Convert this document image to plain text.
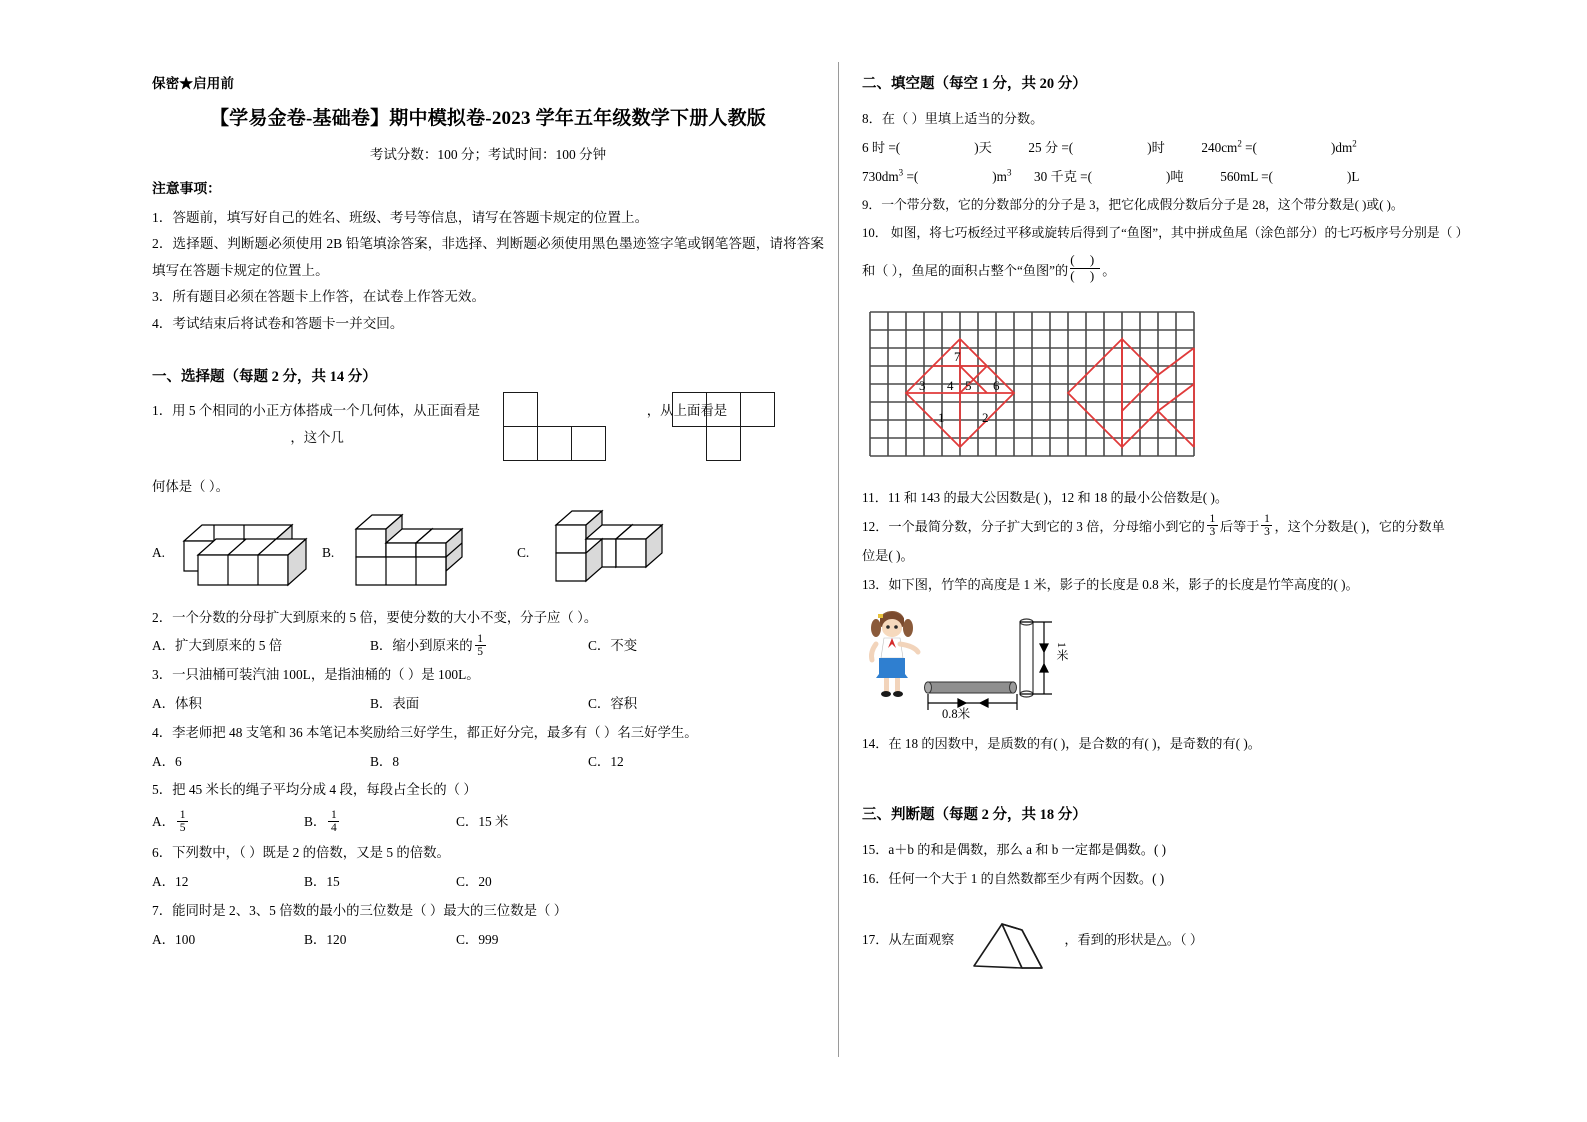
保密★启用前
【学易金卷-基础卷】期中模拟卷-2023 学年五年级数学下册人教版
考试分数：100 分；考试时间：100 分钟
注意事项：
1．答题前，填写好自己的姓名、班级、考号等信息，请写在答题卡规定的位置上。
2．选择题、判断题必须使用 2B 铅笔填涂答案，非选择、判断题必须使用黑色墨迹签字笔或钢笔答题，请将答案填写在答题卡规定的位置上。
3．所有题目必须在答题卡上作答，在试卷上作答无效。
4．考试结束后将试卷和答题卡一并交回。
一、选择题（每题 2 分，共 14 分）
1．用 5 个相同的小正方体搭成一个几何体，从正面看是	，从上面看是  ，这个几
何体是（ ）。
A.	B.	C.
2．一个分数的分母扩大到原来的 5 倍，要使分数的大小不变，分子应（ ）。
A．扩大到原来的 5 倍	B．缩小到原来的 $\frac{1}{5}$	C．不变
3．一只油桶可装汽油 100L，是指油桶的（ ）是 100L。
A．体积	B．表面	C．容积
4．李老师把 48 支笔和 36 本笔记本奖励给三好学生，都正好分完，最多有（ ）名三好学生。
A．6	B．8	C．12
5．把 45 米长的绳子平均分成 4 段，每段占全长的（ ）
A． $\frac{1}{5}$	B． $\frac{1}{4}$	C．15 米
6．下列数中，（ ）既是 2 的倍数，又是 5 的倍数。
A．12	B．15	C．20
7．能同时是 2、3、5 倍数的最小的三位数是（ ）最大的三位数是（ ）
A．100	B．120	C．999
二、填空题（每空 1 分，共 20 分）
8．在（ ）里填上适当的分数。
6 时 =(	)天	25 分 =(	)时	$240cm^2$ =(	)$dm^2$
$730dm^3$ =(	)$m^3$ 30 千克 =(	)吨	560mL =(	)L
9．一个带分数，它的分数部分的分子是 3，把它化成假分数后分子是 28，这个带分数是( )或( )。
10． 如图，将七巧板经过平移或旋转后得到了“鱼图”，其中拼成鱼尾（涂色部分）的七巧板序号分别是（ ）
和（ ），鱼尾的面积占整个“鱼图”的 $\frac{( )}{( )}$ 。
7
3 4 5 6
1	2
11．11 和 143 的最大公因数是( )，12 和 18 的最小公倍数是( )。
12．一个最简分数，分子扩大到它的 3 倍，分母缩小到它的 $\frac{1}{3}$ 后等于 $\frac{1}{3}$ ，这个分数是( )，它的分数单
位是( )。
13．如下图，竹竿的高度是 1 米，影子的长度是 0.8 米，影子的长度是竹竿高度的( )。
1米
0.8米
14．在 18 的因数中，是质数的有( )，是合数的有( )，是奇数的有( )。
三、判断题（每题 2 分，共 18 分）
15．a＋b 的和是偶数，那么 a 和 b 一定都是偶数。( )
16．任何一个大于 1 的自然数都至少有两个因数。( )
17．从左面观察	，看到的形状是△。（ ）
